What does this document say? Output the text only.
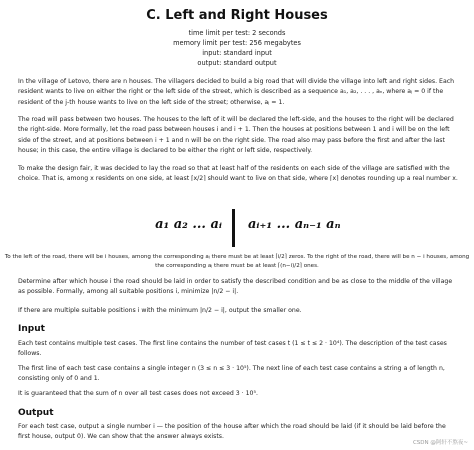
C. Left and Right Houses
time limit per test: 2 seconds
memory limit per test: 256 megabytes
input: standard input
output: standard output
In the village of Letovo, there are n houses. The villagers decided to build a big road that will divide the village into left and right sides. Each resident wants to live on either the right or the left side of the street, which is described as a sequence a₁, a₂, . . . , aₙ, where aⱼ = 0 if the resident of the j-th house wants to live on the left side of the street; otherwise, aⱼ = 1.
The road will pass between two houses. The houses to the left of it will be declared the left-side, and the houses to the right will be declared the right-side. More formally, let the road pass between houses i and i + 1. Then the houses at positions between 1 and i will be on the left side of the street, and at positions between i + 1 and n will be on the right side. The road also may pass before the first and after the last house; in this case, the entire village is declared to be either the right or left side, respectively.
To make the design fair, it was decided to lay the road so that at least half of the residents on each side of the village are satisfied with the choice. That is, among x residents on one side, at least ⌈x/2⌉ should want to live on that side, where ⌈x⌉ denotes rounding up a real number x.
a₁ a₂ ... aᵢ aᵢ₊₁ ... aₙ₋₁ aₙ
To the left of the road, there will be i houses, among the corresponding aⱼ there must be at least ⌈i/2⌉ zeros. To the right of the road, there will be n − i houses, among
the corresponding aⱼ there must be at least ⌈(n−i)/2⌉ ones.
Determine after which house i the road should be laid in order to satisfy the described condition and be as close to the middle of the village as possible. Formally, among all suitable positions i, minimize |n/2 − i|.
If there are multiple suitable positions i with the minimum |n/2 − i|, output the smaller one.
Input
Each test contains multiple test cases. The first line contains the number of test cases t (1 ≤ t ≤ 2 · 10⁴). The description of the test cases follows.
The first line of each test case contains a single integer n (3 ≤ n ≤ 3 · 10⁵). The next line of each test case contains a string a of length n, consisting only of 0 and 1.
It is guaranteed that the sum of n over all test cases does not exceed 3 · 10⁵.
Output
For each test case, output a single number i — the position of the house after which the road should be laid (if it should be laid before the first house, output 0). We can show that the answer always exists.
CSDN @阿轩不熬夜~
